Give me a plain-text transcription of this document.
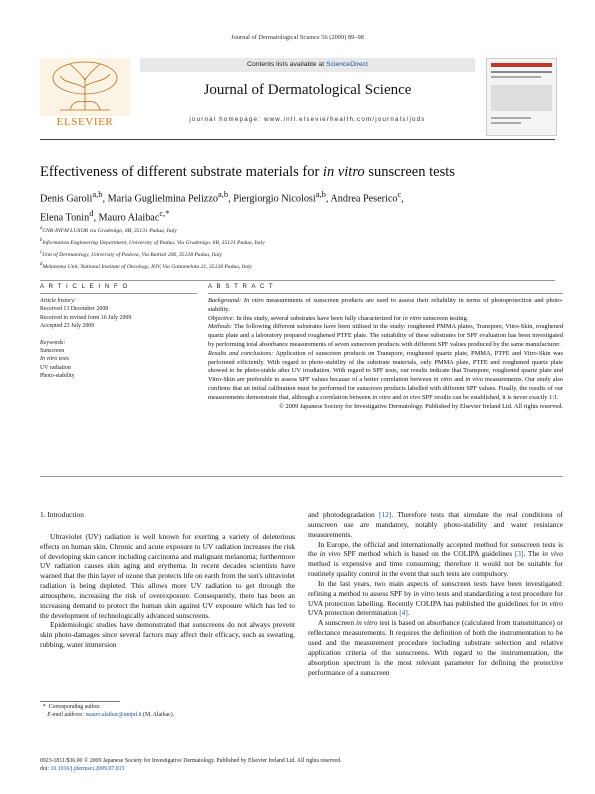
Journal of Dermatological Science 56 (2009) 89–98
ELSEVIER
Contents lists available at ScienceDirect
Journal of Dermatological Science
journal homepage: www.intl.elsevierhealth.com/journals/jods
Effectiveness of different substrate materials for in vitro sunscreen tests
Denis Garoli$^{a,b}$, Maria Guglielmina Pelizzo$^{a,b}$, Piergiorgio Nicolosi$^{a,b}$, Andrea Peserico$^c$,
Elena Tonin$^d$, Mauro Alaibac$^{c,*}$
$^a$CNR-INFM LUXOR via Gradenigo, 6B, 35131 Padua, Italy
$^b$Information Engineering Department, University of Padua, Via Gradenigo, 6B, 35131 Padua, Italy
$^c$Unit of Dermatology, University of Padova, Via Battisti 206, 35128 Padua, Italy
$^d$Melanoma Unit, National Institute of Oncology, IOV, Via Gattamelata 21, 35128 Padua, Italy
A R T I C L E I N F O	A B S T R A C T
Article history:
Received 13 December 2008
Received in revised form 16 July 2009
Accepted 23 July 2009
Keywords:
Sunscreen
In vitro tests
UV radiation
Photo-stability
Background: In vitro measurements of sunscreen products are used to assess their reliability in terms of photoprotection and photo-stability.
Objective: In this study, several substrates have been fully characterized for in vitro sunscreen testing.
Methods: The following different substrates have been utilised in the study: roughened PMMA plates, Transpore, Vitro-Skin, roughened quartz plate and a laboratory prepared roughened PTFE plate. The suitability of these substrates for SPF evaluation has been investigated by performing total absorbance measurements of seven sunscreen products with different SPF values produced by the same manufacturer.
Results and conclusions: Application of sunscreen products on Transpore, roughened quartz plate, PMMA, PTFE and Vitro-Skin was performed efficiently. With regard to photo-stability of the substrate materials, only PMMA plate, PTFE and roughened quartz plate showed to be photo-stable after UV irradiation. With regard to SPF tests, our results indicate that Transpore, roughened quartz plate and Vitro-Skin are preferable to assess SPF values because of a better correlation between in vitro and in vivo measurements. Our study also confirms that an initial calibration must be performed for sunscreen products labelled with different SPF values. Finally, the results of our measurements demonstrate that, although a correlation between in vitro and in vivo SPF results can be established, it is never exactly 1:1.
© 2009 Japanese Society for Investigative Dermatology. Published by Elsevier Ireland Ltd. All rights reserved.

1. Introduction

Ultraviolet (UV) radiation is well known for exerting a variety of deleterious effects on human skin. Chronic and acute exposure to UV radiation increases the risk of developing skin cancer including carcinoma and malignant melanoma; furthermore UV radiation causes skin aging and erythema. In recent decades scientists have warned that the thin layer of ozone that protects life on earth from the sun's ultraviolet radiation is being depleted. This allows more UV radiation to get through the atmosphere, increasing the risk of overexposure. Consequently, there has been an increasing demand to protect the human skin against UV exposure which has led to the development of technologically advanced sunscreens.

Epidemiologic studies have demonstrated that sunscreens do not always prevent skin photo-damages since several factors may affect their efficacy, such as sweating, rubbing, water immersion

and photodegradation [12]. Therefore tests that simulate the real conditions of sunscreen use are mandatory, notably photo-stability and water resistance measurements.

In Europe, the official and internationally accepted method for sunscreen tests is the in vivo SPF method which is based on the COLIPA guidelines [3]. The in vivo method is expensive and time consuming; therefore it would not be suitable for routinely quality control in the event that such tests are compulsory.

In the last years, two main aspects of sunscreen tests have been investigated: refining a method to assess SPF by in vitro tests and standardizing a test procedure for UVA protection labelling. Recently COLIPA has published the guidelines for in vitro UVA protection determination [4].

A sunscreen in vitro test is based on absorbance (calculated from transmittance) or reflectance measurements. It requires the definition of both the instrumentation to be used and the measurement procedure including substrate selection and relative application criteria of the sunscreens. With regard to the instrumentation, the absorption spectrum is the most relevant parameter for defining the protective performance of a sunscreen

* Corresponding author.
E-mail address: mauro.alaibac@unipd.it (M. Alaibac).
0923-1811/$36.00 © 2009 Japanese Society for Investigative Dermatology. Published by Elsevier Ireland Ltd. All rights reserved.
doi: 10.1016/j.jdermsci.2009.07.015
